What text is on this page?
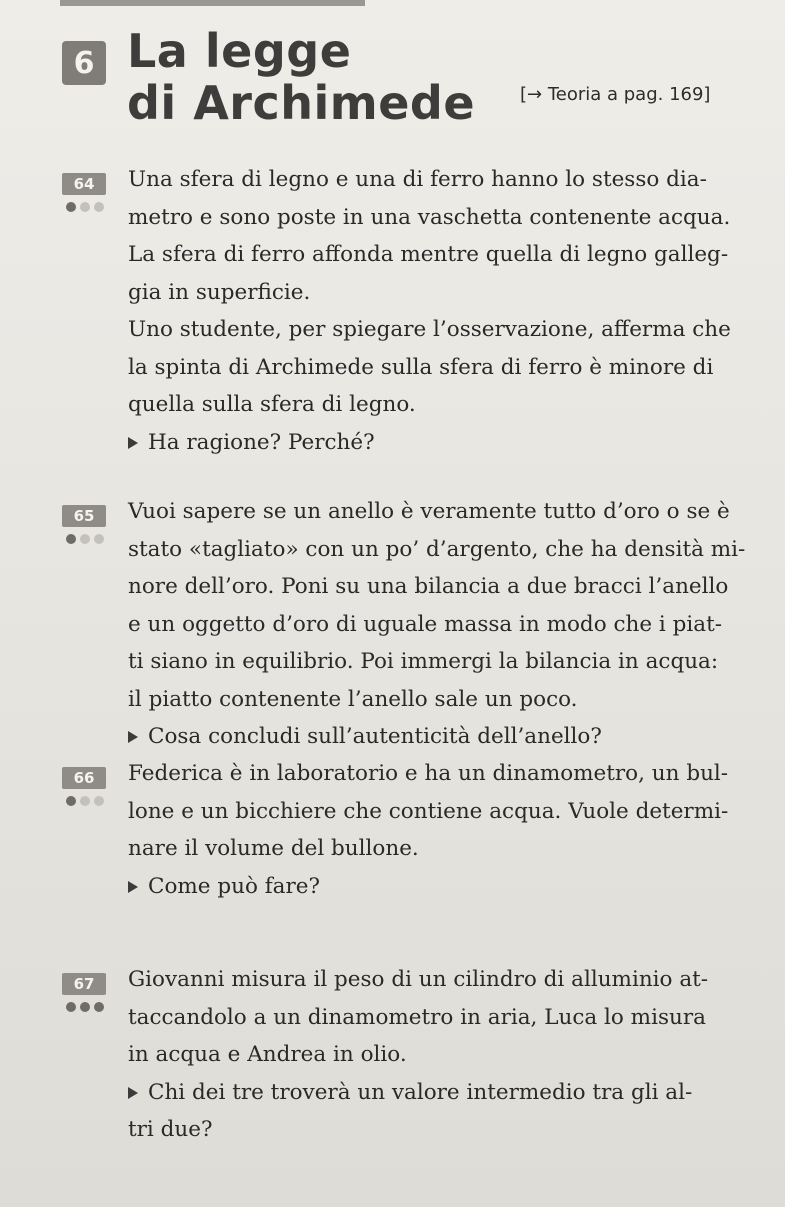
6 La legge
di Archimede [→ Teoria a pag. 169]
64	Una sfera di legno e una di ferro hanno lo stesso dia-
metro e sono poste in una vaschetta contenente acqua.
La sfera di ferro affonda mentre quella di legno galleg-
gia in superficie.
Uno studente, per spiegare l’osservazione, afferma che
la spinta di Archimede sulla sfera di ferro è minore di
quella sulla sfera di legno.
Ha ragione? Perché?
65	Vuoi sapere se un anello è veramente tutto d’oro o se è
stato «tagliato» con un po’ d’argento, che ha densità mi-
nore dell’oro. Poni su una bilancia a due bracci l’anello
e un oggetto d’oro di uguale massa in modo che i piat-
ti siano in equilibrio. Poi immergi la bilancia in acqua:
il piatto contenente l’anello sale un poco.
Cosa concludi sull’autenticità dell’anello?
66	Federica è in laboratorio e ha un dinamometro, un bul-
lone e un bicchiere che contiene acqua. Vuole determi-
nare il volume del bullone.
Come può fare?
67	Giovanni misura il peso di un cilindro di alluminio at-
taccandolo a un dinamometro in aria, Luca lo misura
in acqua e Andrea in olio.
Chi dei tre troverà un valore intermedio tra gli al-
tri due?
